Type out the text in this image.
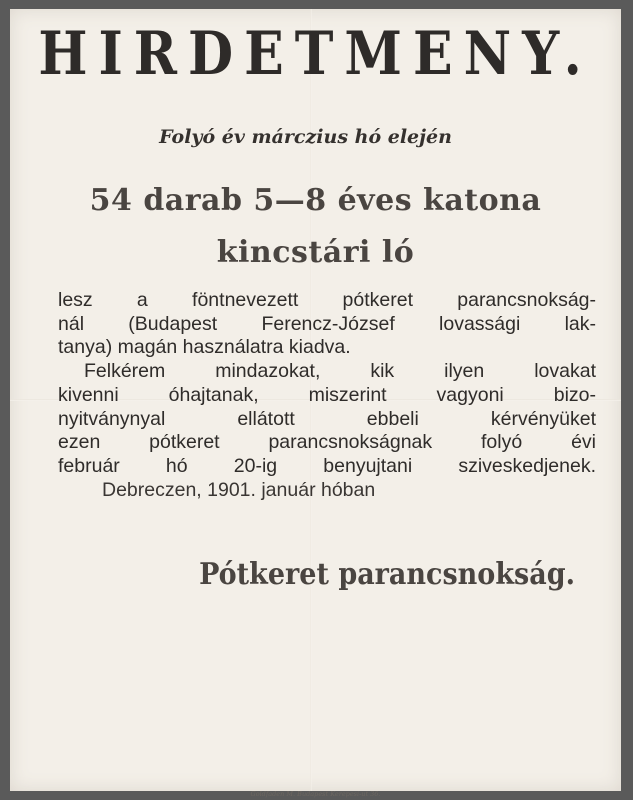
HIRDETMENY.
Folyó év márczius hó elején
54 darab 5—8 éves katona
kincstári ló
lesz a föntnevezett pótkeret parancsnokság-
nál (Budapest Ferencz-József lovassági lak-
tanya) magán használatra kiadva.
Felkérem mindazokat, kik ilyen lovakat
kivenni óhajtanak, miszerint vagyoni bizo-
nyitványnyal ellátott ebbeli kérvényüket
ezen pótkeret parancsnokságnak folyó évi
február hó 20-ig benyujtani sziveskedjenek.
Debreczen, 1901. január hóban
Pótkeret parancsnokság.
Goldfaden M. Budapest Kerepesi-ut 36.
